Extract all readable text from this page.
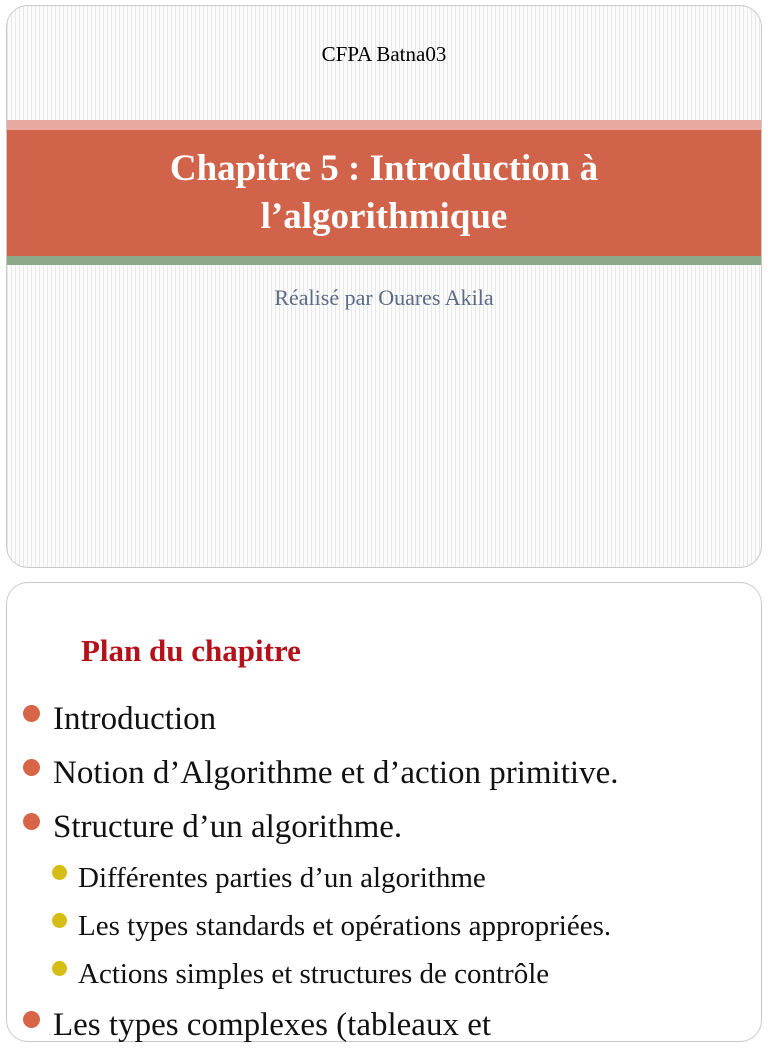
CFPA Batna03
Chapitre 5 : Introduction à
l’algorithmique
Réalisé par Ouares Akila
Plan du chapitre
Introduction
Notion d’Algorithme et d’action primitive.
Structure d’un algorithme.
Différentes parties d’un algorithme
Les types standards et opérations appropriées.
Actions simples et structures de contrôle
Les types complexes (tableaux et
